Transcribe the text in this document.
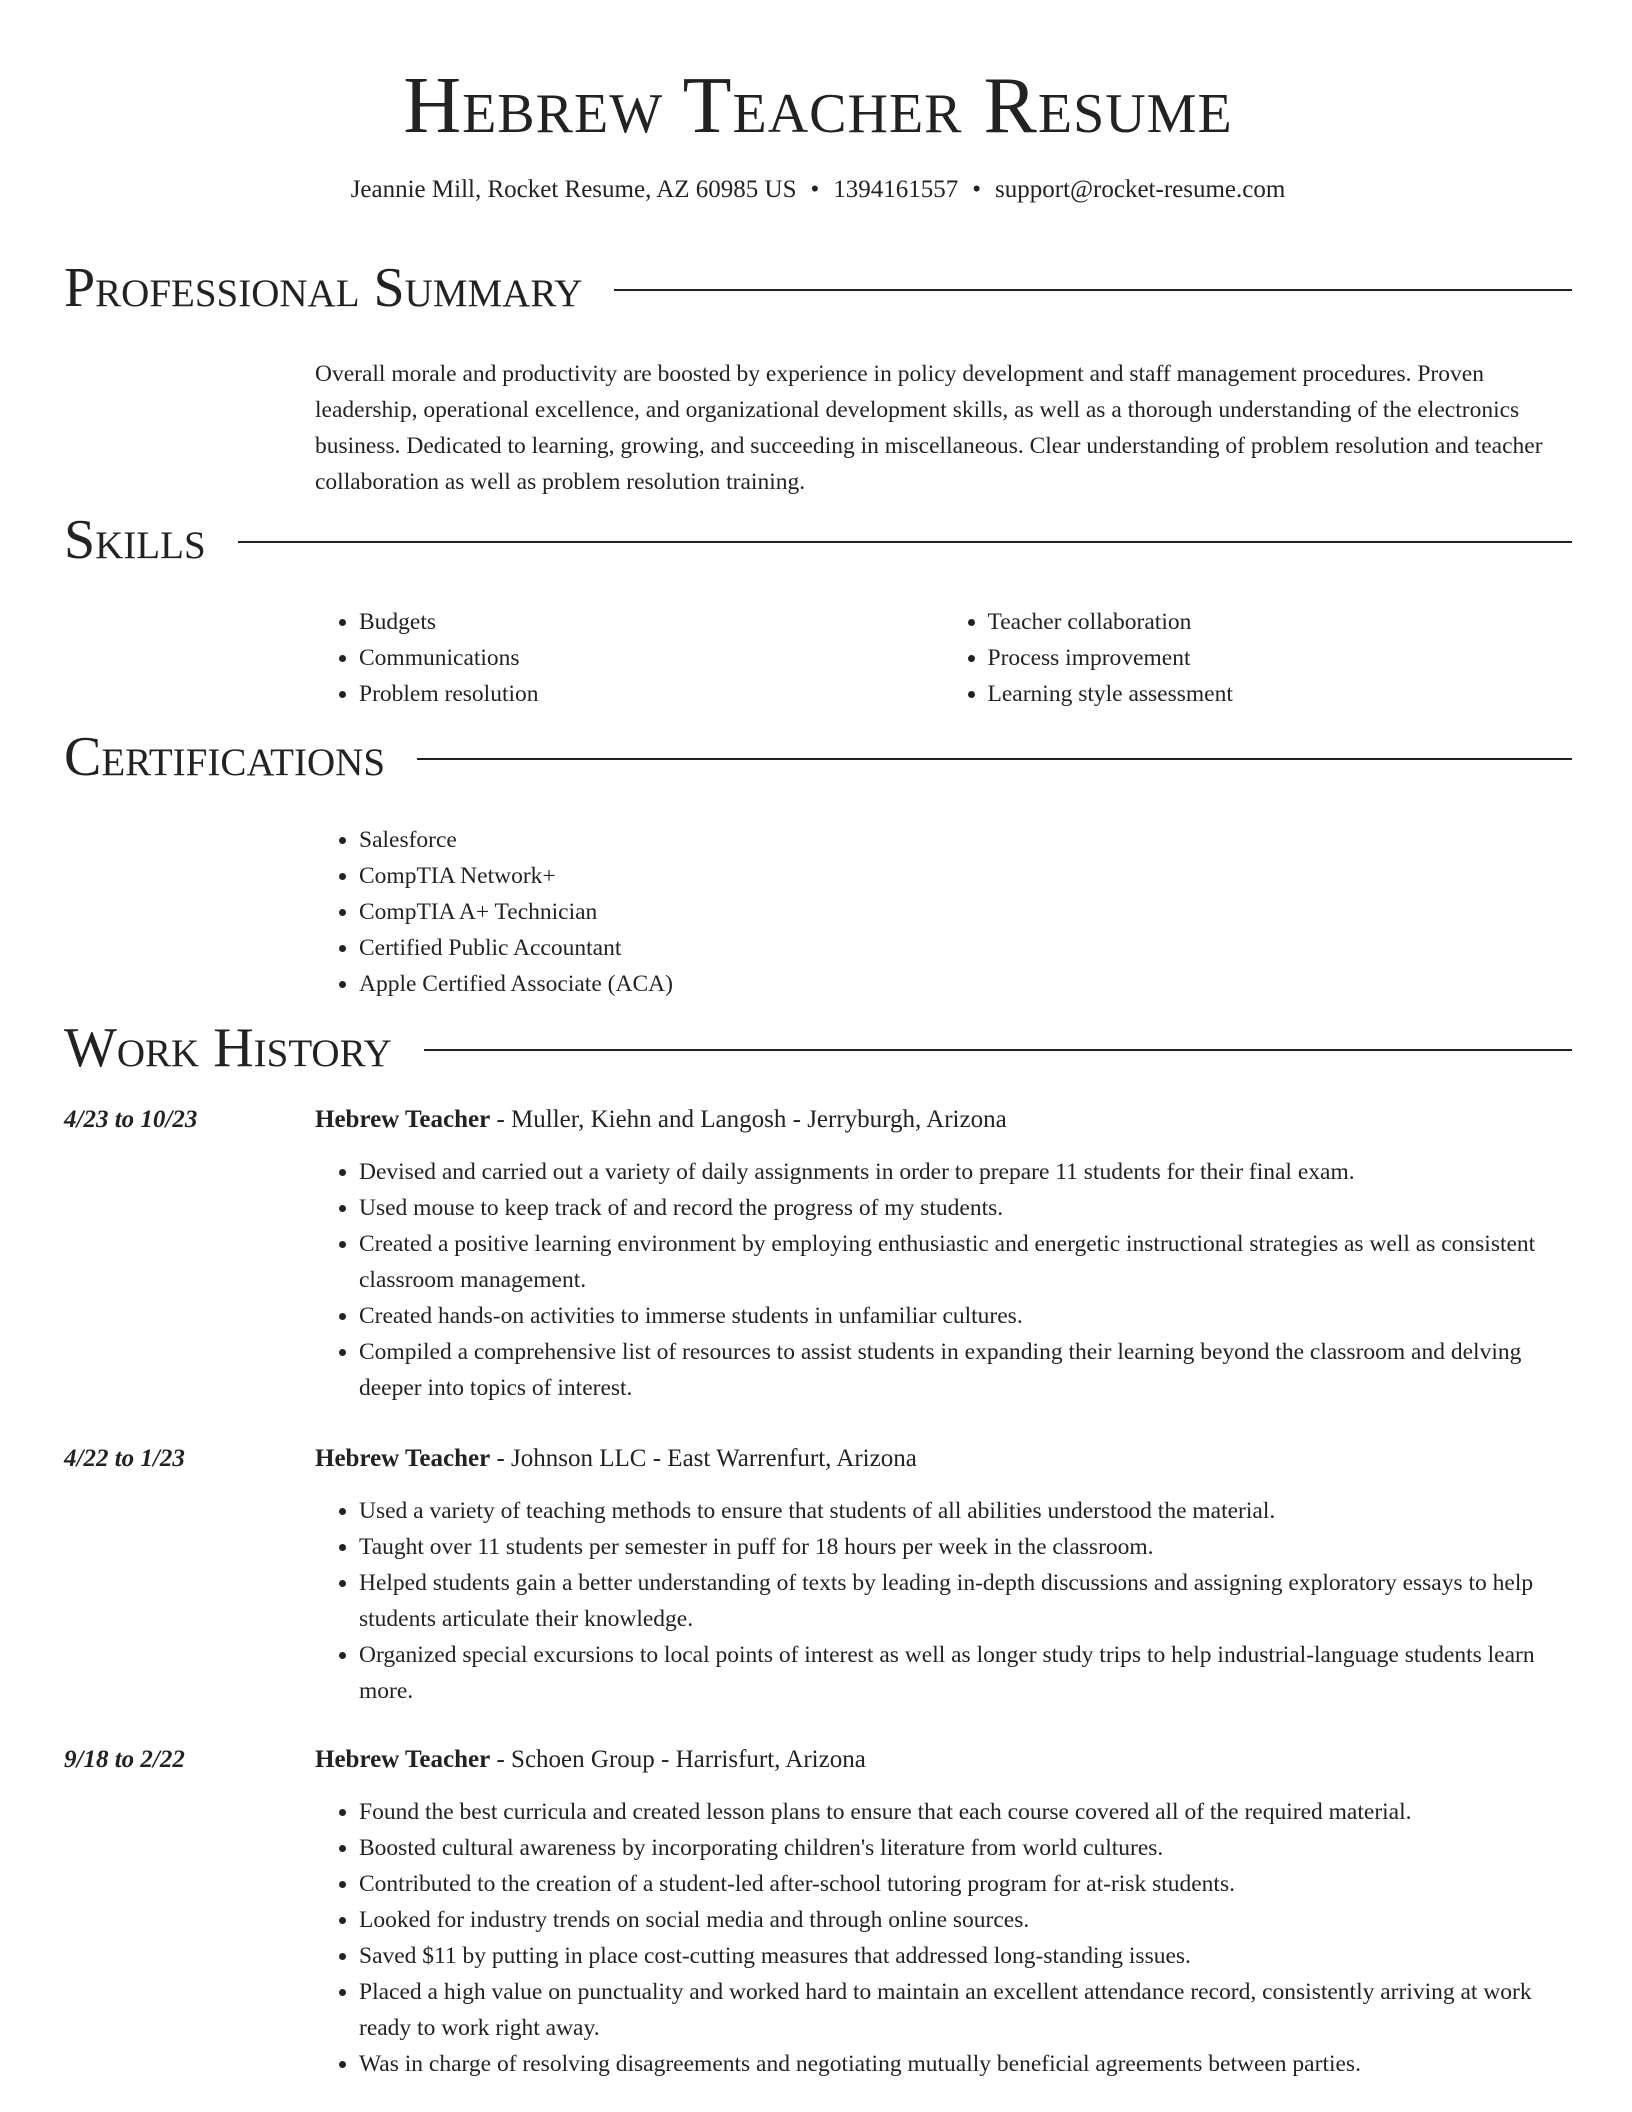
Hebrew Teacher Resume
Jeannie Mill, Rocket Resume, AZ 60985 US • 1394161557 • support@rocket-resume.com
Professional Summary

Overall morale and productivity are boosted by experience in policy development and staff management procedures. Proven leadership, operational excellence, and organizational development skills, as well as a thorough understanding of the electronics business. Dedicated to learning, growing, and succeeding in miscellaneous. Clear understanding of problem resolution and teacher collaboration as well as problem resolution training.

Skills
• Budgets
• Communications
• Problem resolution
• Teacher collaboration
• Process improvement
• Learning style assessment
Certifications
• Salesforce
• CompTIA Network+
• CompTIA A+ Technician
• Certified Public Accountant
• Apple Certified Associate (ACA)
Work History
4/23 to 10/23	Hebrew Teacher - Muller, Kiehn and Langosh - Jerryburgh, Arizona
• Devised and carried out a variety of daily assignments in order to prepare 11 students for their final exam.
• Used mouse to keep track of and record the progress of my students.
• Created a positive learning environment by employing enthusiastic and energetic instructional strategies as well as consistent classroom management.
• Created hands-on activities to immerse students in unfamiliar cultures.
• Compiled a comprehensive list of resources to assist students in expanding their learning beyond the classroom and delving deeper into topics of interest.
4/22 to 1/23	Hebrew Teacher - Johnson LLC - East Warrenfurt, Arizona
• Used a variety of teaching methods to ensure that students of all abilities understood the material.
• Taught over 11 students per semester in puff for 18 hours per week in the classroom.
• Helped students gain a better understanding of texts by leading in-depth discussions and assigning exploratory essays to help students articulate their knowledge.
• Organized special excursions to local points of interest as well as longer study trips to help industrial-language students learn more.
9/18 to 2/22	Hebrew Teacher - Schoen Group - Harrisfurt, Arizona
• Found the best curricula and created lesson plans to ensure that each course covered all of the required material.
• Boosted cultural awareness by incorporating children's literature from world cultures.
• Contributed to the creation of a student-led after-school tutoring program for at-risk students.
• Looked for industry trends on social media and through online sources.
• Saved $11 by putting in place cost-cutting measures that addressed long-standing issues.
• Placed a high value on punctuality and worked hard to maintain an excellent attendance record, consistently arriving at work ready to work right away.
• Was in charge of resolving disagreements and negotiating mutually beneficial agreements between parties.
